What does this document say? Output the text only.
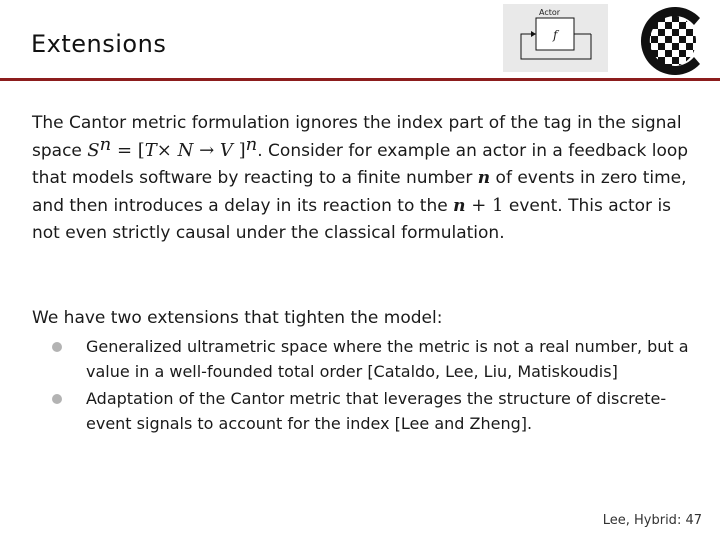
Extensions
Actor
f
C
The Cantor metric formulation ignores the index part of the tag in the signal space $S^n = [T\times N \to V$ ]$^n$. Consider for example an actor in a feedback loop that models software by reacting to a finite number n of events in zero time, and then introduces a delay in its reaction to the n + 1 event. This actor is not even strictly causal under the classical formulation.
We have two extensions that tighten the model:
Generalized ultrametric space where the metric is not a real number, but a value in a well-founded total order [Cataldo, Lee, Liu, Matiskoudis]
Adaptation of the Cantor metric that leverages the structure of discrete-event signals to account for the index [Lee and Zheng].
Lee, Hybrid: 47
